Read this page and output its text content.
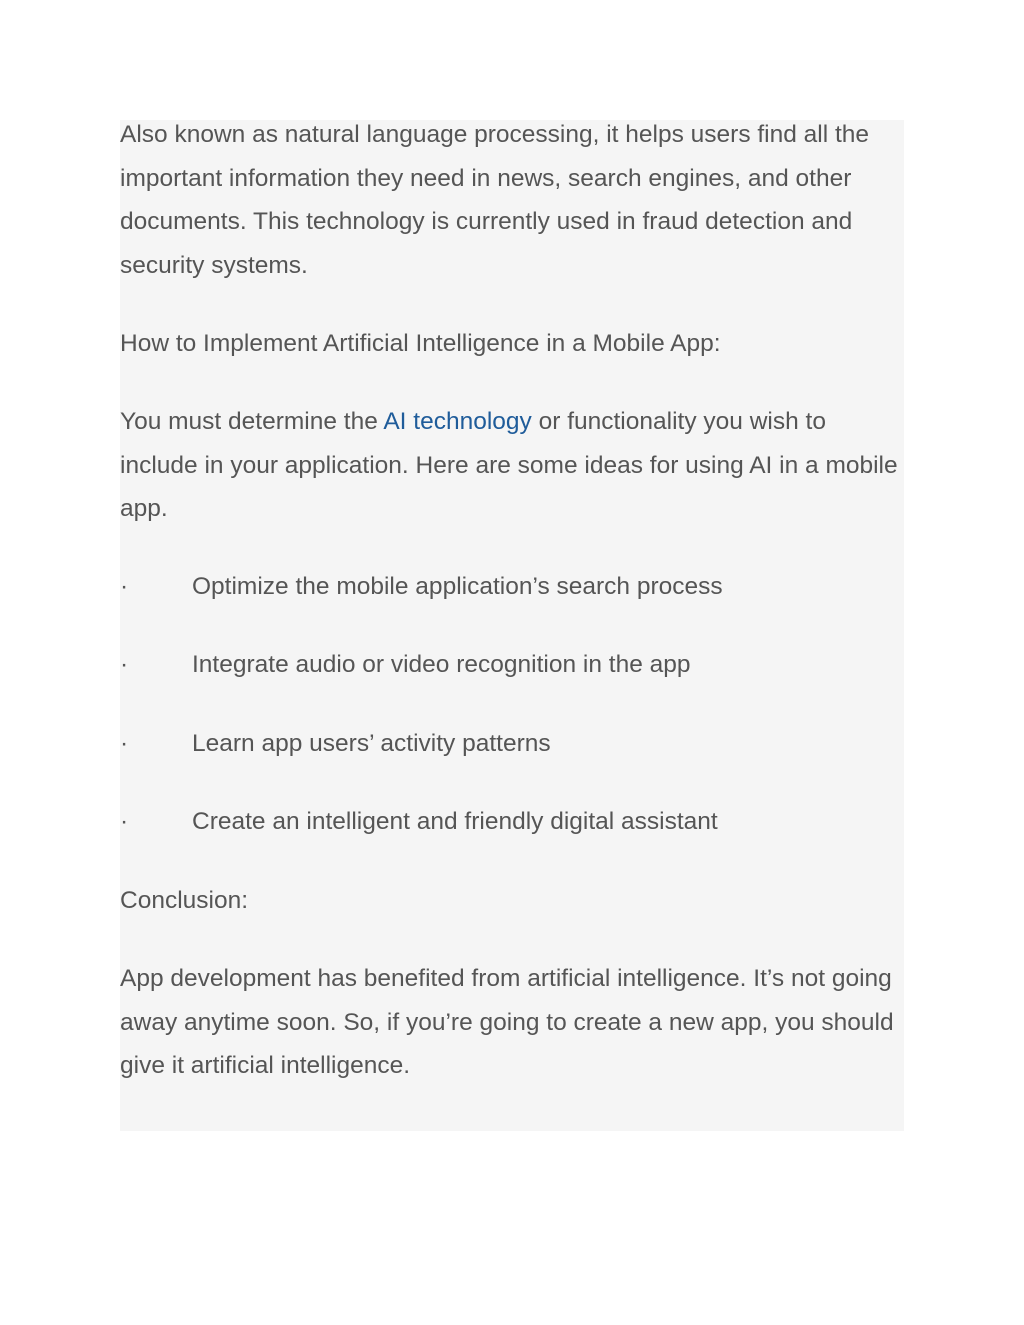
Also known as natural language processing, it helps users find all the important information they need in news, search engines, and other documents. This technology is currently used in fraud detection and security systems.

How to Implement Artificial Intelligence in a Mobile App:

You must determine the AI technology or functionality you wish to include in your application. Here are some ideas for using AI in a mobile app.

·	Optimize the mobile application’s search process
·	Integrate audio or video recognition in the app
·	Learn app users’ activity patterns
·	Create an intelligent and friendly digital assistant

Conclusion:

App development has benefited from artificial intelligence. It’s not going away anytime soon. So, if you’re going to create a new app, you should give it artificial intelligence.
